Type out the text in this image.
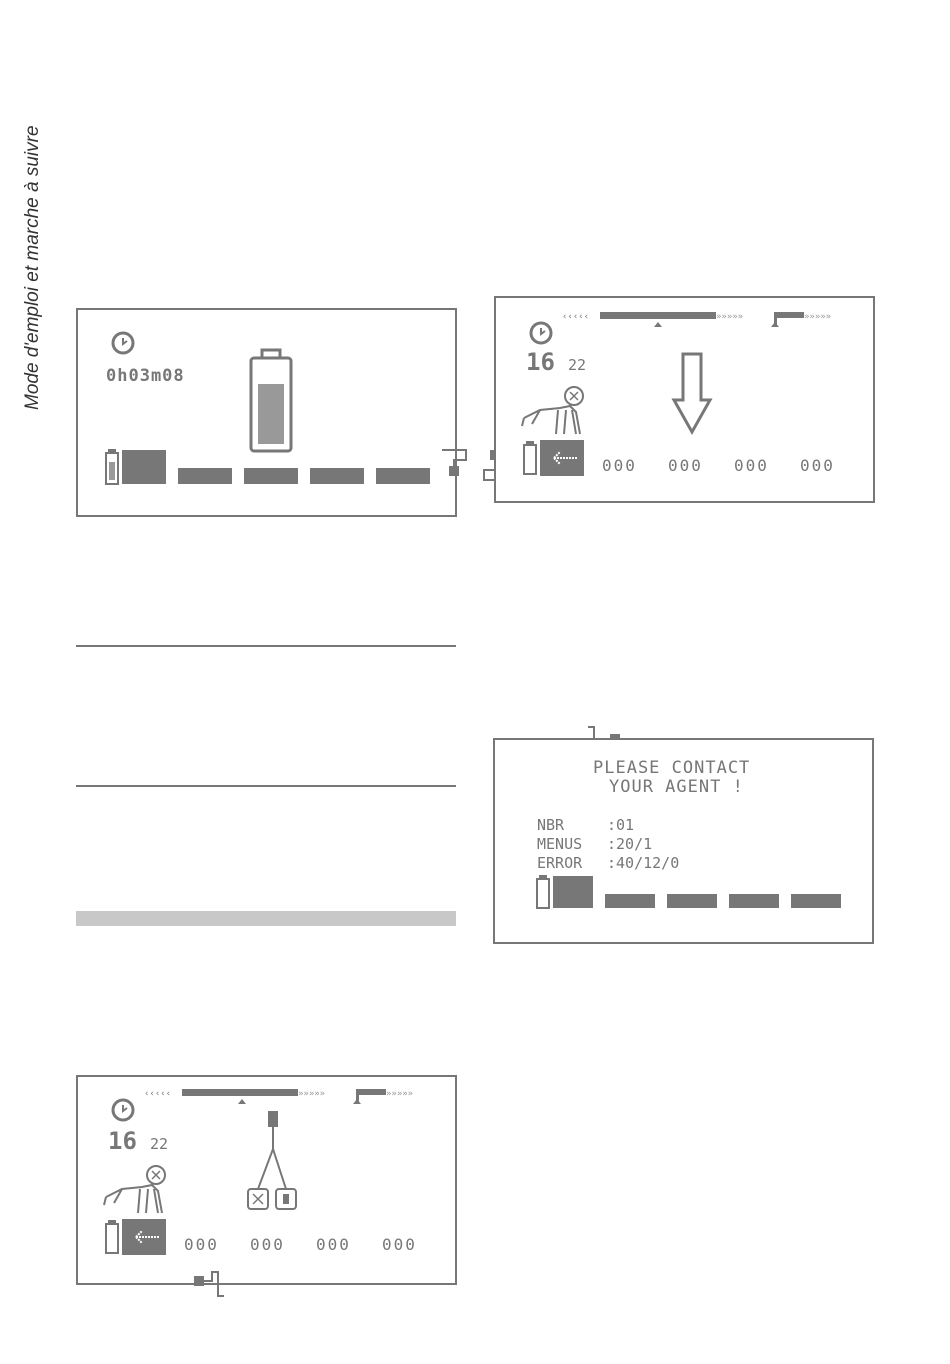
Mode d'emploi et marche à suivre	0h03m08
‹‹‹‹‹	»»»»»	»»»»»
16 22
000 000 000 000
PLEASE CONTACT
YOUR AGENT !
NBR	:01
MENUS :20/1
ERROR :40/12/0
‹‹‹‹‹	»»»»»	»»»»»
16 22
000 000 000 000
